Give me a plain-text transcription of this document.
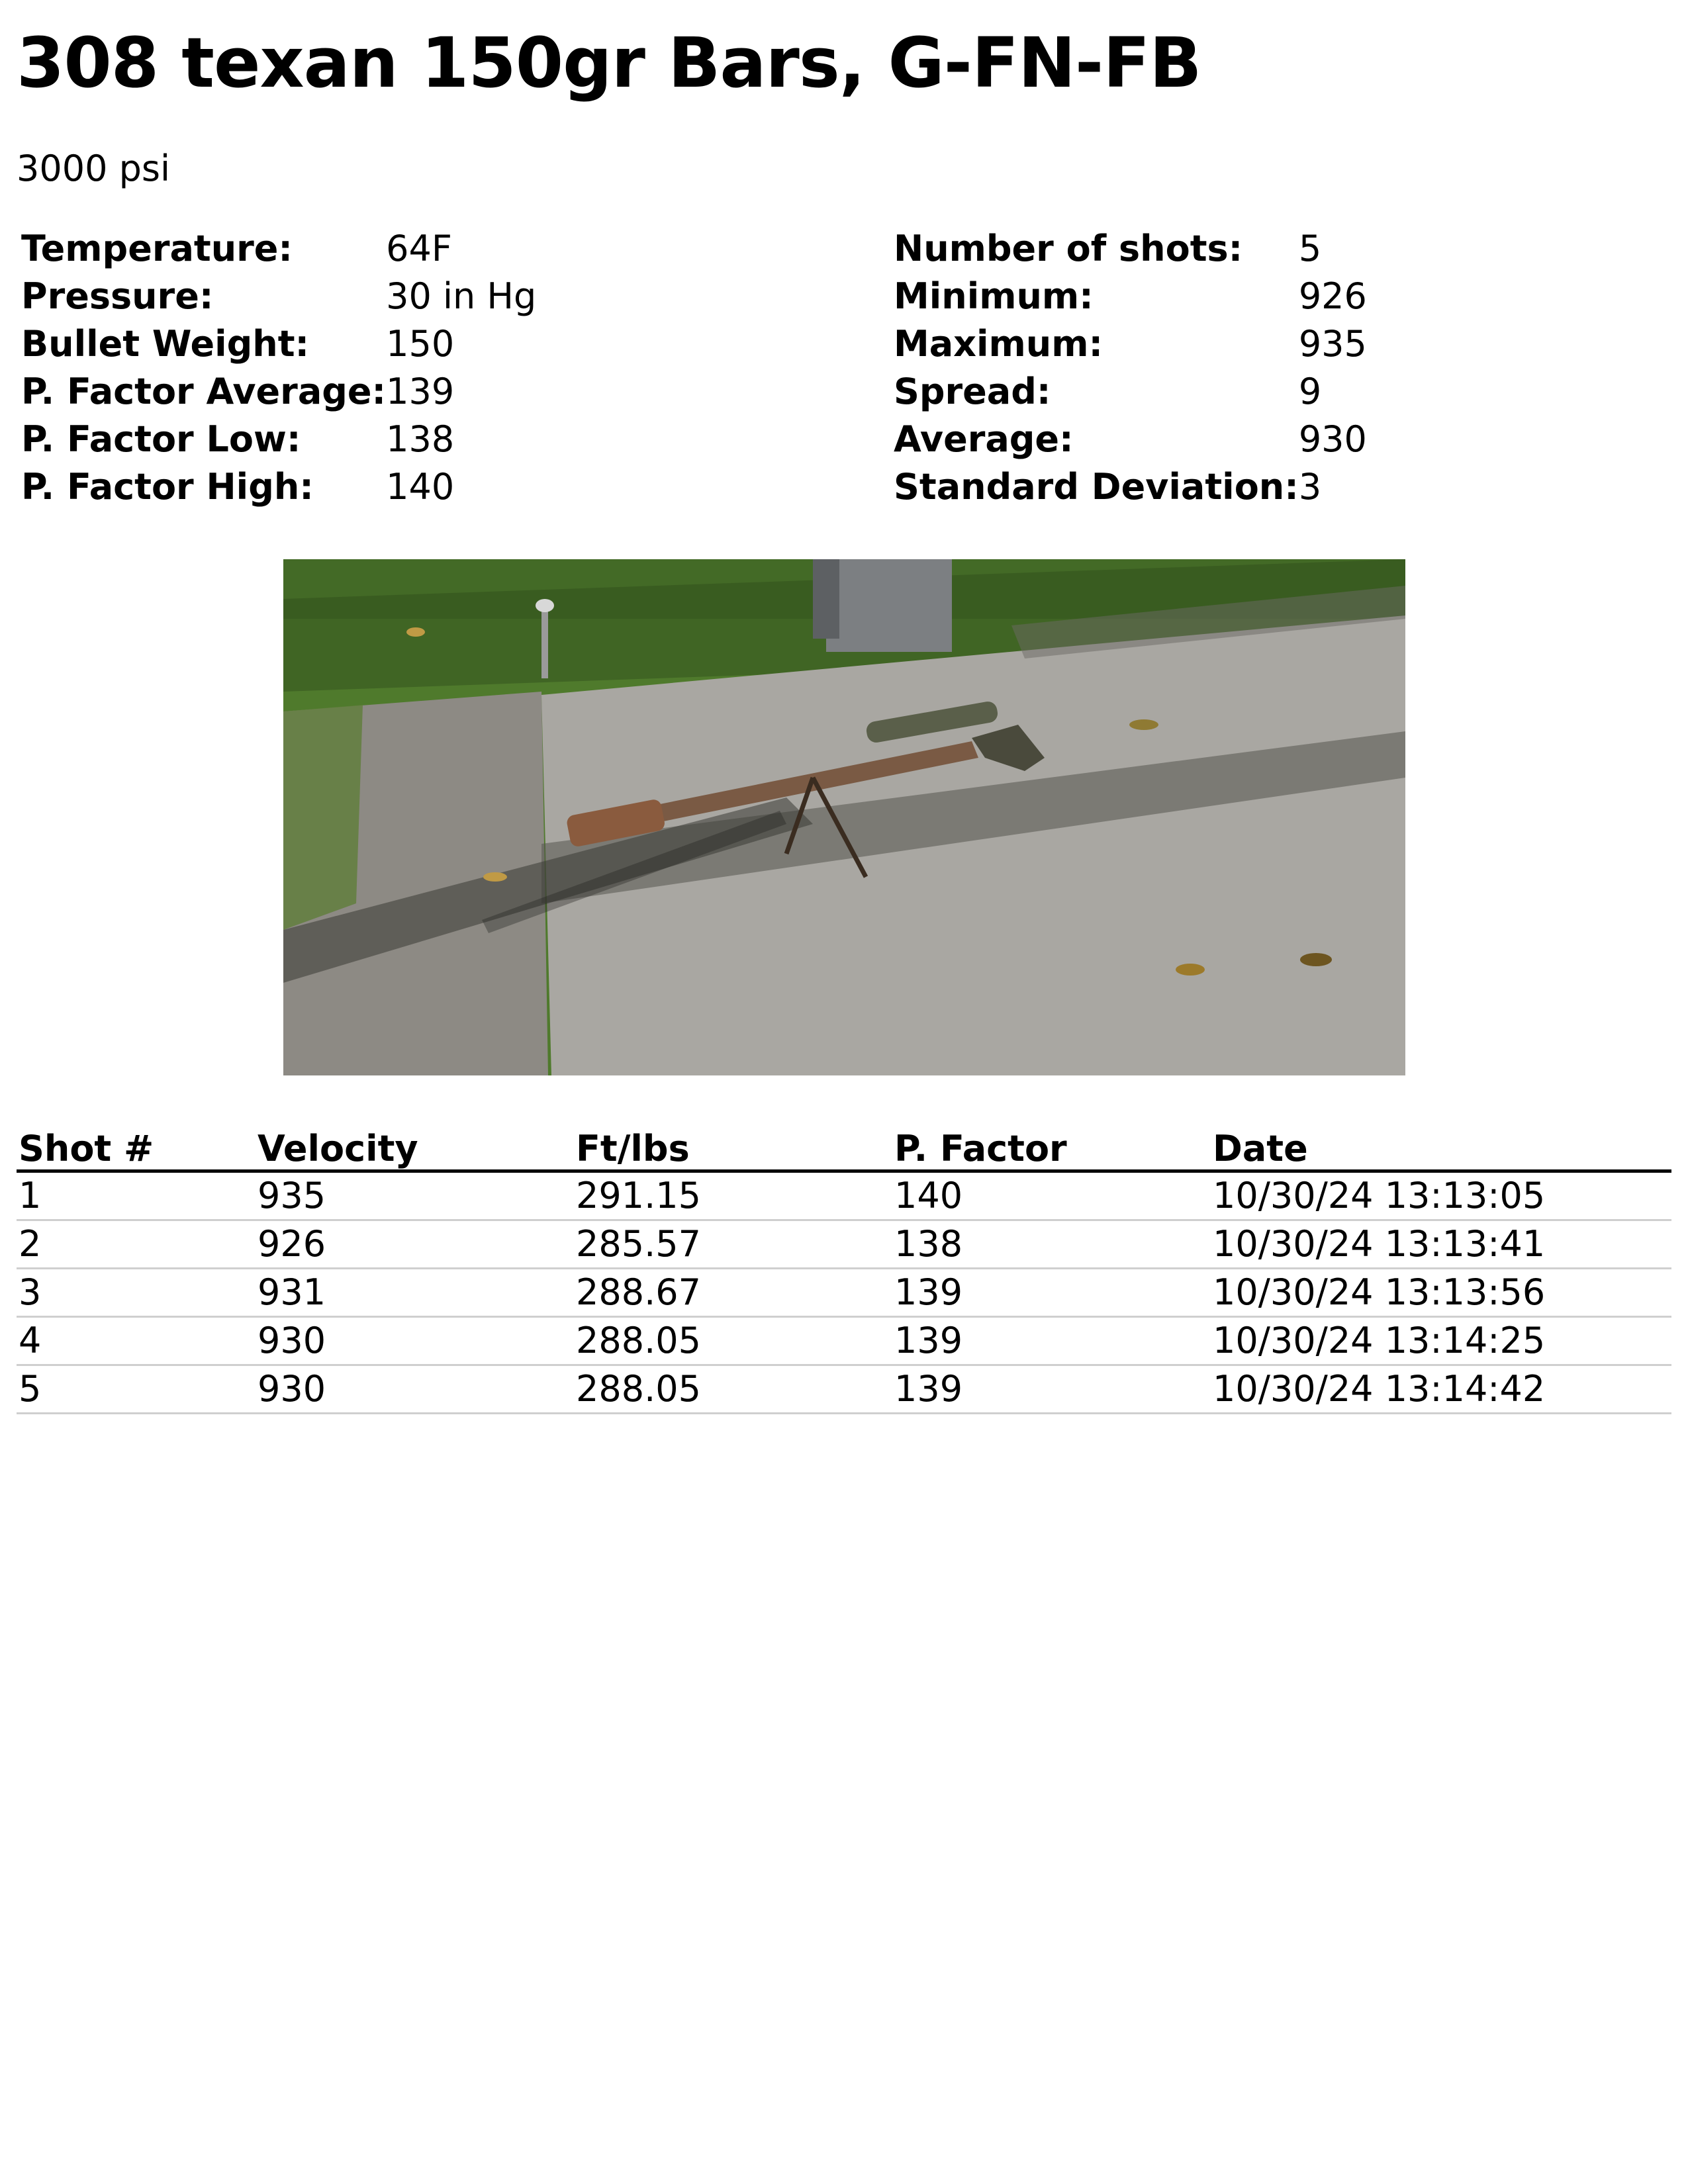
308 texan 150gr Bars, G-FN-FB
3000 psi
Temperature:	64F
Pressure:	30 in Hg
Bullet Weight:	150
P. Factor Average:	139
P. Factor Low:	138
P. Factor High:	140
Number of shots:	5
Minimum:	926
Maximum:	935
Spread:	9
Average:	930
Standard Deviation:	3
Shot #	Velocity	Ft/lbs	P. Factor	Date
1	935	291.15	140	10/30/24 13:13:05
2	926	285.57	138	10/30/24 13:13:41
3	931	288.67	139	10/30/24 13:13:56
4	930	288.05	139	10/30/24 13:14:25
5	930	288.05	139	10/30/24 13:14:42
